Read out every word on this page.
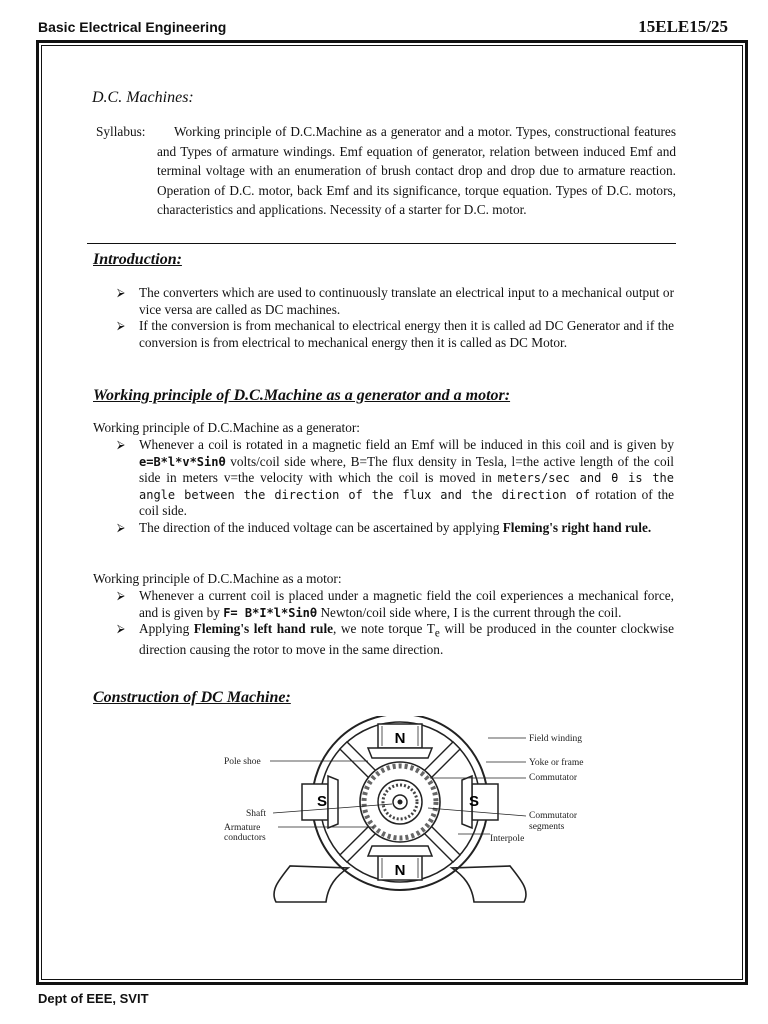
Basic Electrical Engineering	15ELE15/25
D.C. Machines:
Syllabus:	Working principle of D.C.Machine as a generator and a motor. Types, constructional features and Types of armature windings. Emf equation of generator, relation between induced Emf and terminal voltage with an enumeration of brush contact drop and drop due to armature reaction. Operation of D.C. motor, back Emf and its significance, torque equation. Types of D.C. motors, characteristics and applications. Necessity of a starter for D.C. motor.
Introduction:
⮚ The converters which are used to continuously translate an electrical input to a mechanical output or vice versa are called as DC machines.
⮚ If the conversion is from mechanical to electrical energy then it is called ad DC Generator and if the conversion is from electrical to mechanical energy then it is called as DC Motor.
Working principle of D.C.Machine as a generator and a motor:
Working principle of D.C.Machine as a generator:
⮚ Whenever a coil is rotated in a magnetic field an Emf will be induced in this coil and is given by e=B*l*v*Sinθ volts/coil side where, B=The flux density in Tesla, l=the active length of the coil side in meters v=the velocity with which the coil is moved in meters/sec and θ is the angle between the direction of the flux and the direction of rotation of the coil side.
⮚ The direction of the induced voltage can be ascertained by applying Fleming's right hand rule.
Working principle of D.C.Machine as a motor:
⮚ Whenever a current coil is placed under a magnetic field the coil experiences a mechanical force, and is given by F= B*I*l*Sinθ Newton/coil side where, I is the current through the coil.
⮚ Applying Fleming's left hand rule, we note torque $T_e$ will be produced in the counter clockwise direction causing the rotor to move in the same direction.
Construction of DC Machine:
N
N
S	S
Field winding
Yoke or frame
Commutator
Commutator
segments
Interpole
Pole shoe
Shaft
Armature
conductors
Dept of EEE, SVIT
